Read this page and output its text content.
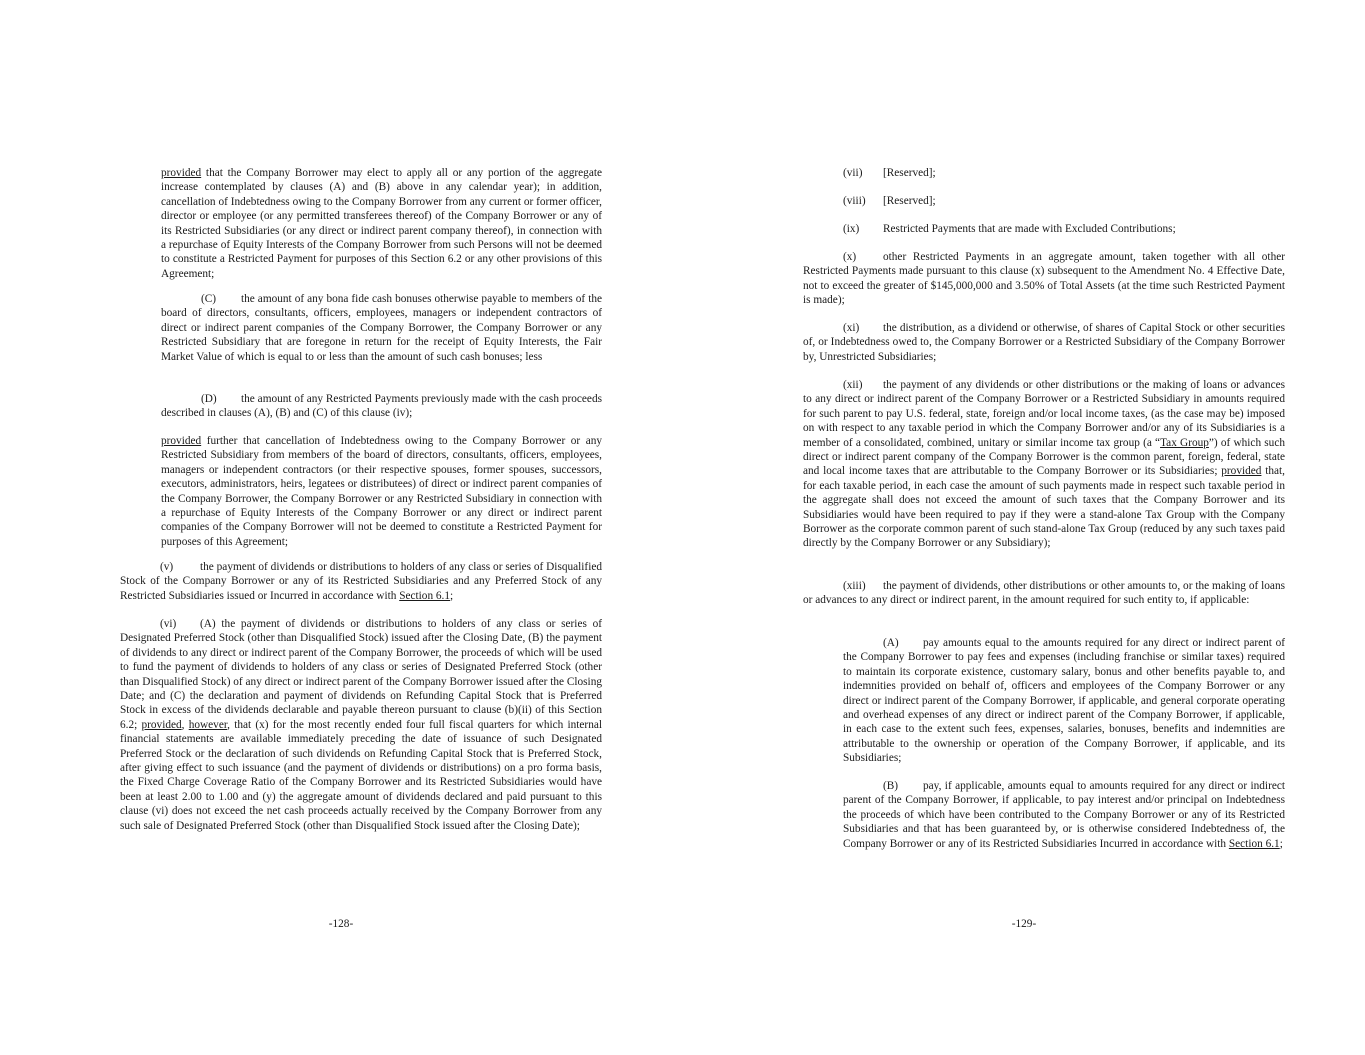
provided that the Company Borrower may elect to apply all or any portion of the aggregate increase contemplated by clauses (A) and (B) above in any calendar year); in addition, cancellation of Indebtedness owing to the Company Borrower from any current or former officer, director or employee (or any permitted transferees thereof) of the Company Borrower or any of its Restricted Subsidiaries (or any direct or indirect parent company thereof), in connection with a repurchase of Equity Interests of the Company Borrower from such Persons will not be deemed to constitute a Restricted Payment for purposes of this Section 6.2 or any other provisions of this Agreement;

(C) the amount of any bona fide cash bonuses otherwise payable to members of the board of directors, consultants, officers, employees, managers or independent contractors of direct or indirect parent companies of the Company Borrower, the Company Borrower or any Restricted Subsidiary that are foregone in return for the receipt of Equity Interests, the Fair Market Value of which is equal to or less than the amount of such cash bonuses; less

(D) the amount of any Restricted Payments previously made with the cash proceeds described in clauses (A), (B) and (C) of this clause (iv);

provided further that cancellation of Indebtedness owing to the Company Borrower or any Restricted Subsidiary from members of the board of directors, consultants, officers, employees, managers or independent contractors (or their respective spouses, former spouses, successors, executors, administrators, heirs, legatees or distributees) of direct or indirect parent companies of the Company Borrower, the Company Borrower or any Restricted Subsidiary in connection with a repurchase of Equity Interests of the Company Borrower or any direct or indirect parent companies of the Company Borrower will not be deemed to constitute a Restricted Payment for purposes of this Agreement;

(v) the payment of dividends or distributions to holders of any class or series of Disqualified Stock of the Company Borrower or any of its Restricted Subsidiaries and any Preferred Stock of any Restricted Subsidiaries issued or Incurred in accordance with Section 6.1;

(vi) (A) the payment of dividends or distributions to holders of any class or series of Designated Preferred Stock (other than Disqualified Stock) issued after the Closing Date, (B) the payment of dividends to any direct or indirect parent of the Company Borrower, the proceeds of which will be used to fund the payment of dividends to holders of any class or series of Designated Preferred Stock (other than Disqualified Stock) of any direct or indirect parent of the Company Borrower issued after the Closing Date; and (C) the declaration and payment of dividends on Refunding Capital Stock that is Preferred Stock in excess of the dividends declarable and payable thereon pursuant to clause (b)(ii) of this Section 6.2; provided, however, that (x) for the most recently ended four full fiscal quarters for which internal financial statements are available immediately preceding the date of issuance of such Designated Preferred Stock or the declaration of such dividends on Refunding Capital Stock that is Preferred Stock, after giving effect to such issuance (and the payment of dividends or distributions) on a pro forma basis, the Fixed Charge Coverage Ratio of the Company Borrower and its Restricted Subsidiaries would have been at least 2.00 to 1.00 and (y) the aggregate amount of dividends declared and paid pursuant to this clause (vi) does not exceed the net cash proceeds actually received by the Company Borrower from any such sale of Designated Preferred Stock (other than Disqualified Stock issued after the Closing Date);

-128-

(vii) [Reserved];

(viii) [Reserved];

(ix) Restricted Payments that are made with Excluded Contributions;

(x) other Restricted Payments in an aggregate amount, taken together with all other Restricted Payments made pursuant to this clause (x) subsequent to the Amendment No. 4 Effective Date, not to exceed the greater of $145,000,000 and 3.50% of Total Assets (at the time such Restricted Payment is made);

(xi) the distribution, as a dividend or otherwise, of shares of Capital Stock or other securities of, or Indebtedness owed to, the Company Borrower or a Restricted Subsidiary of the Company Borrower by, Unrestricted Subsidiaries;

(xii) the payment of any dividends or other distributions or the making of loans or advances to any direct or indirect parent of the Company Borrower or a Restricted Subsidiary in amounts required for such parent to pay U.S. federal, state, foreign and/or local income taxes, (as the case may be) imposed on with respect to any taxable period in which the Company Borrower and/or any of its Subsidiaries is a member of a consolidated, combined, unitary or similar income tax group (a “Tax Group”) of which such direct or indirect parent company of the Company Borrower is the common parent, foreign, federal, state and local income taxes that are attributable to the Company Borrower or its Subsidiaries; provided that, for each taxable period, in each case the amount of such payments made in respect such taxable period in the aggregate shall does not exceed the amount of such taxes that the Company Borrower and its Subsidiaries would have been required to pay if they were a stand-alone Tax Group with the Company Borrower as the corporate common parent of such stand-alone Tax Group (reduced by any such taxes paid directly by the Company Borrower or any Subsidiary);

(xiii) the payment of dividends, other distributions or other amounts to, or the making of loans or advances to any direct or indirect parent, in the amount required for such entity to, if applicable:

(A) pay amounts equal to the amounts required for any direct or indirect parent of the Company Borrower to pay fees and expenses (including franchise or similar taxes) required to maintain its corporate existence, customary salary, bonus and other benefits payable to, and indemnities provided on behalf of, officers and employees of the Company Borrower or any direct or indirect parent of the Company Borrower, if applicable, and general corporate operating and overhead expenses of any direct or indirect parent of the Company Borrower, if applicable, in each case to the extent such fees, expenses, salaries, bonuses, benefits and indemnities are attributable to the ownership or operation of the Company Borrower, if applicable, and its Subsidiaries;

(B) pay, if applicable, amounts equal to amounts required for any direct or indirect parent of the Company Borrower, if applicable, to pay interest and/or principal on Indebtedness the proceeds of which have been contributed to the Company Borrower or any of its Restricted Subsidiaries and that has been guaranteed by, or is otherwise considered Indebtedness of, the Company Borrower or any of its Restricted Subsidiaries Incurred in accordance with Section 6.1;

-129-
